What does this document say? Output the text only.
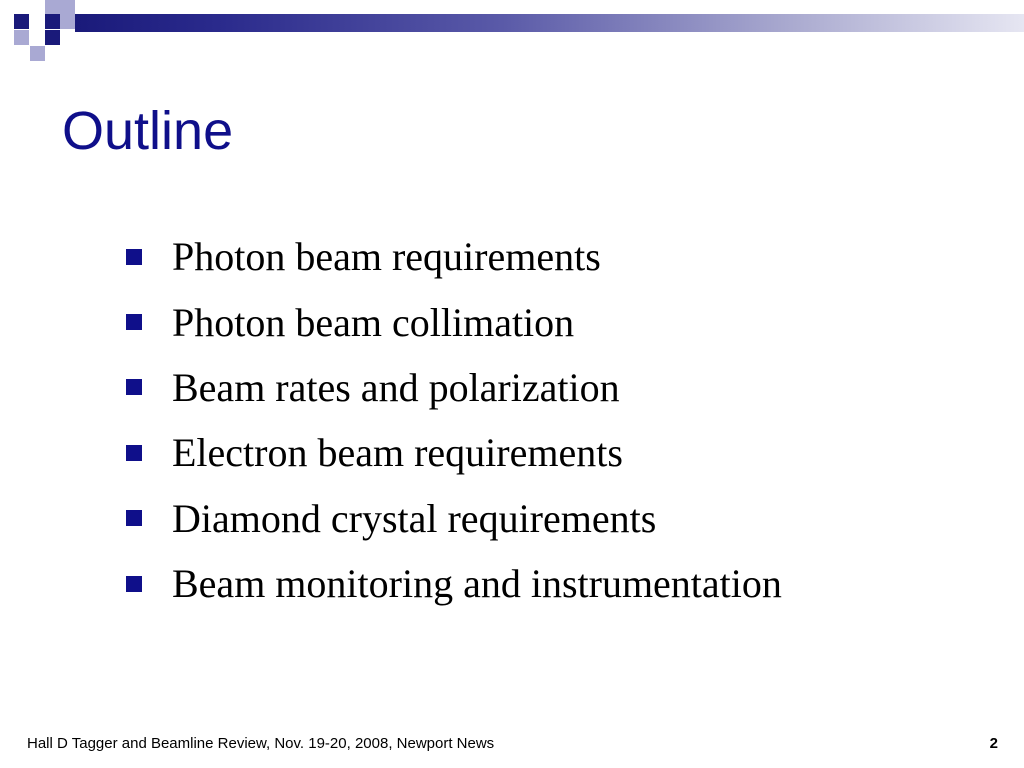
Outline
Photon beam requirements
Photon beam collimation
Beam rates and polarization
Electron beam requirements
Diamond crystal requirements
Beam monitoring and instrumentation
Hall D Tagger and Beamline Review, Nov. 19-20, 2008, Newport News	2
